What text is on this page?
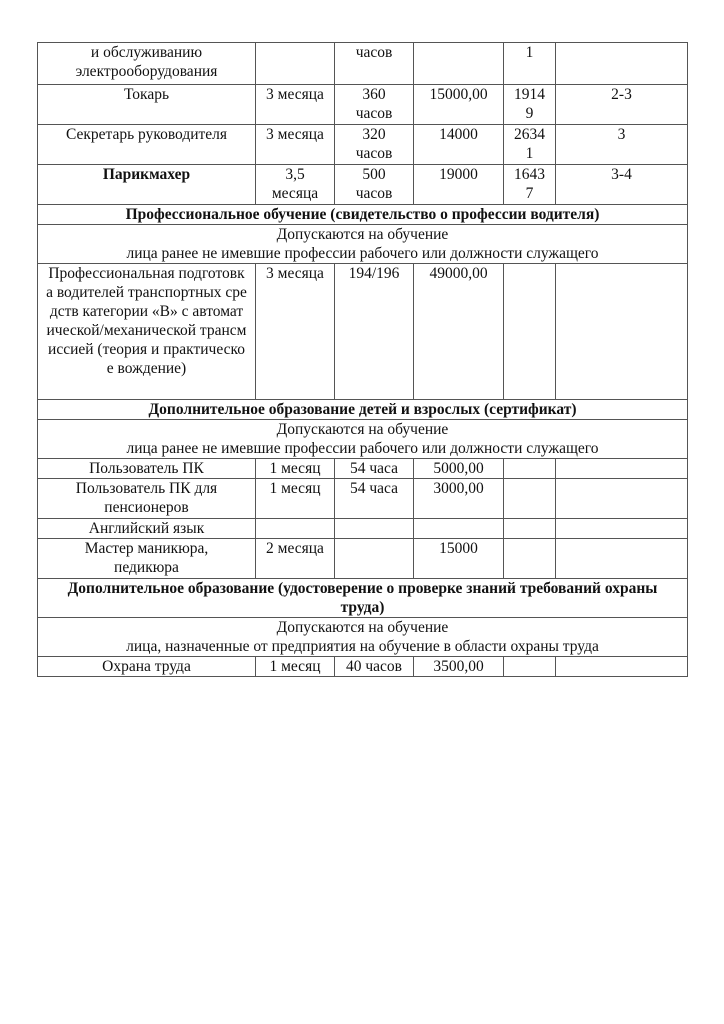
и обслуживанию электрооборудования		часов		1	
Токарь	3 месяца	360 часов	15000,00	19149	2-3
Секретарь руководителя	3 месяца	320 часов	14000	26341	3
Парикмахер	3,5 месяца	500 часов	19000	16437	3-4
Профессиональное обучение (свидетельство о профессии водителя)					

Допускаются на обучение
лица ранее не имевшие профессии рабочего или должности служащего					

Профессиональная подготовка водителей транспортных средств категории «В» с автоматической/механической трансмиссией (теория и практическое вождение)	3 месяца	194/196	49000,00		
Дополнительное образование детей и взрослых (сертификат)					

Допускаются на обучение
лица ранее не имевшие профессии рабочего или должности служащего					

Пользователь ПК	1 месяц	54 часа	5000,00		
Пользователь ПК для пенсионеров	1 месяц	54 часа	3000,00		
Английский язык					
Мастер маникюра, педикюра	2 месяца		15000		
Дополнительное образование (удостоверение о проверке знаний требований охраны труда)					

Допускаются на обучение
лица, назначенные от предприятия на обучение в области охраны труда					

Охрана труда	1 месяц	40 часов	3500,00		
